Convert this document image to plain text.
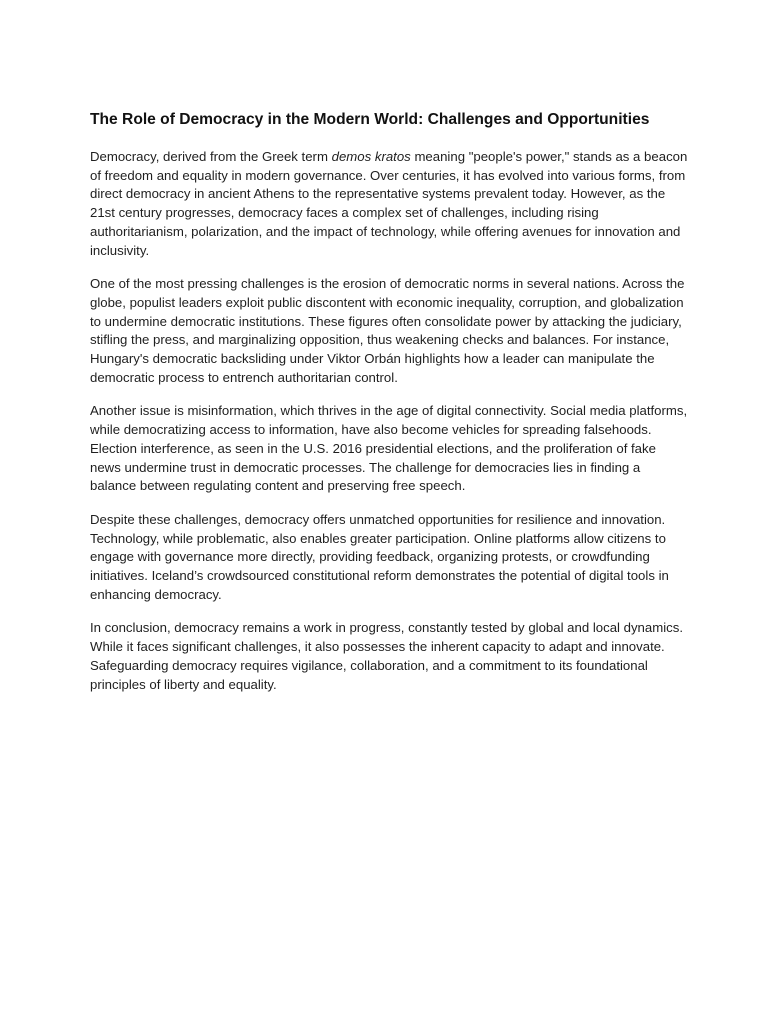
The Role of Democracy in the Modern World: Challenges and Opportunities

Democracy, derived from the Greek term demos kratos meaning "people's power," stands as a beacon of freedom and equality in modern governance. Over centuries, it has evolved into various forms, from direct democracy in ancient Athens to the representative systems prevalent today. However, as the 21st century progresses, democracy faces a complex set of challenges, including rising authoritarianism, polarization, and the impact of technology, while offering avenues for innovation and inclusivity.

One of the most pressing challenges is the erosion of democratic norms in several nations. Across the globe, populist leaders exploit public discontent with economic inequality, corruption, and globalization to undermine democratic institutions. These figures often consolidate power by attacking the judiciary, stifling the press, and marginalizing opposition, thus weakening checks and balances. For instance, Hungary's democratic backsliding under Viktor Orbán highlights how a leader can manipulate the democratic process to entrench authoritarian control.

Another issue is misinformation, which thrives in the age of digital connectivity. Social media platforms, while democratizing access to information, have also become vehicles for spreading falsehoods. Election interference, as seen in the U.S. 2016 presidential elections, and the proliferation of fake news undermine trust in democratic processes. The challenge for democracies lies in finding a balance between regulating content and preserving free speech.

Despite these challenges, democracy offers unmatched opportunities for resilience and innovation. Technology, while problematic, also enables greater participation. Online platforms allow citizens to engage with governance more directly, providing feedback, organizing protests, or crowdfunding initiatives. Iceland’s crowdsourced constitutional reform demonstrates the potential of digital tools in enhancing democracy.

In conclusion, democracy remains a work in progress, constantly tested by global and local dynamics. While it faces significant challenges, it also possesses the inherent capacity to adapt and innovate. Safeguarding democracy requires vigilance, collaboration, and a commitment to its foundational principles of liberty and equality.
